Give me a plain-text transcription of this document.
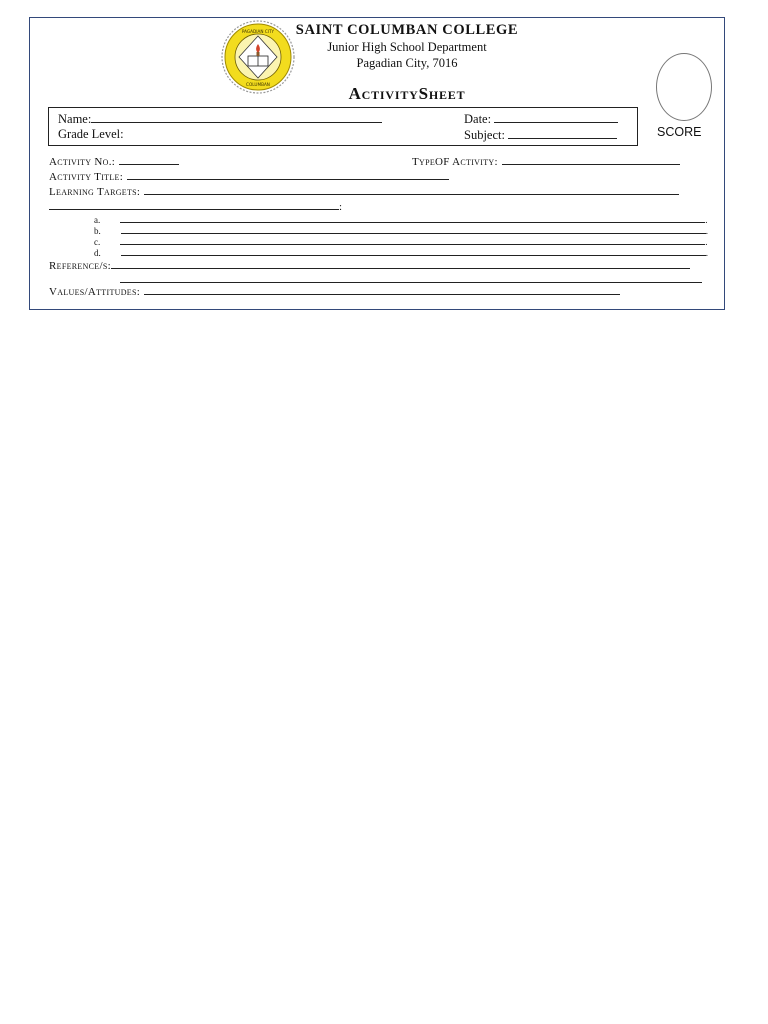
PAGADIAN CITY
COLUMBAN
SAINT COLUMBAN COLLEGE
Junior High School Department
Pagadian City, 7016
ActivitySheet
Name:	Date:
Grade Level:	Subject:	SCORE
Activity No.:	TypeOF Activity:
Activity Title:
Learning Targets:
:
a.	.
b.	.
c.	.
d.	.
Reference/s:
Values/Attitudes:
